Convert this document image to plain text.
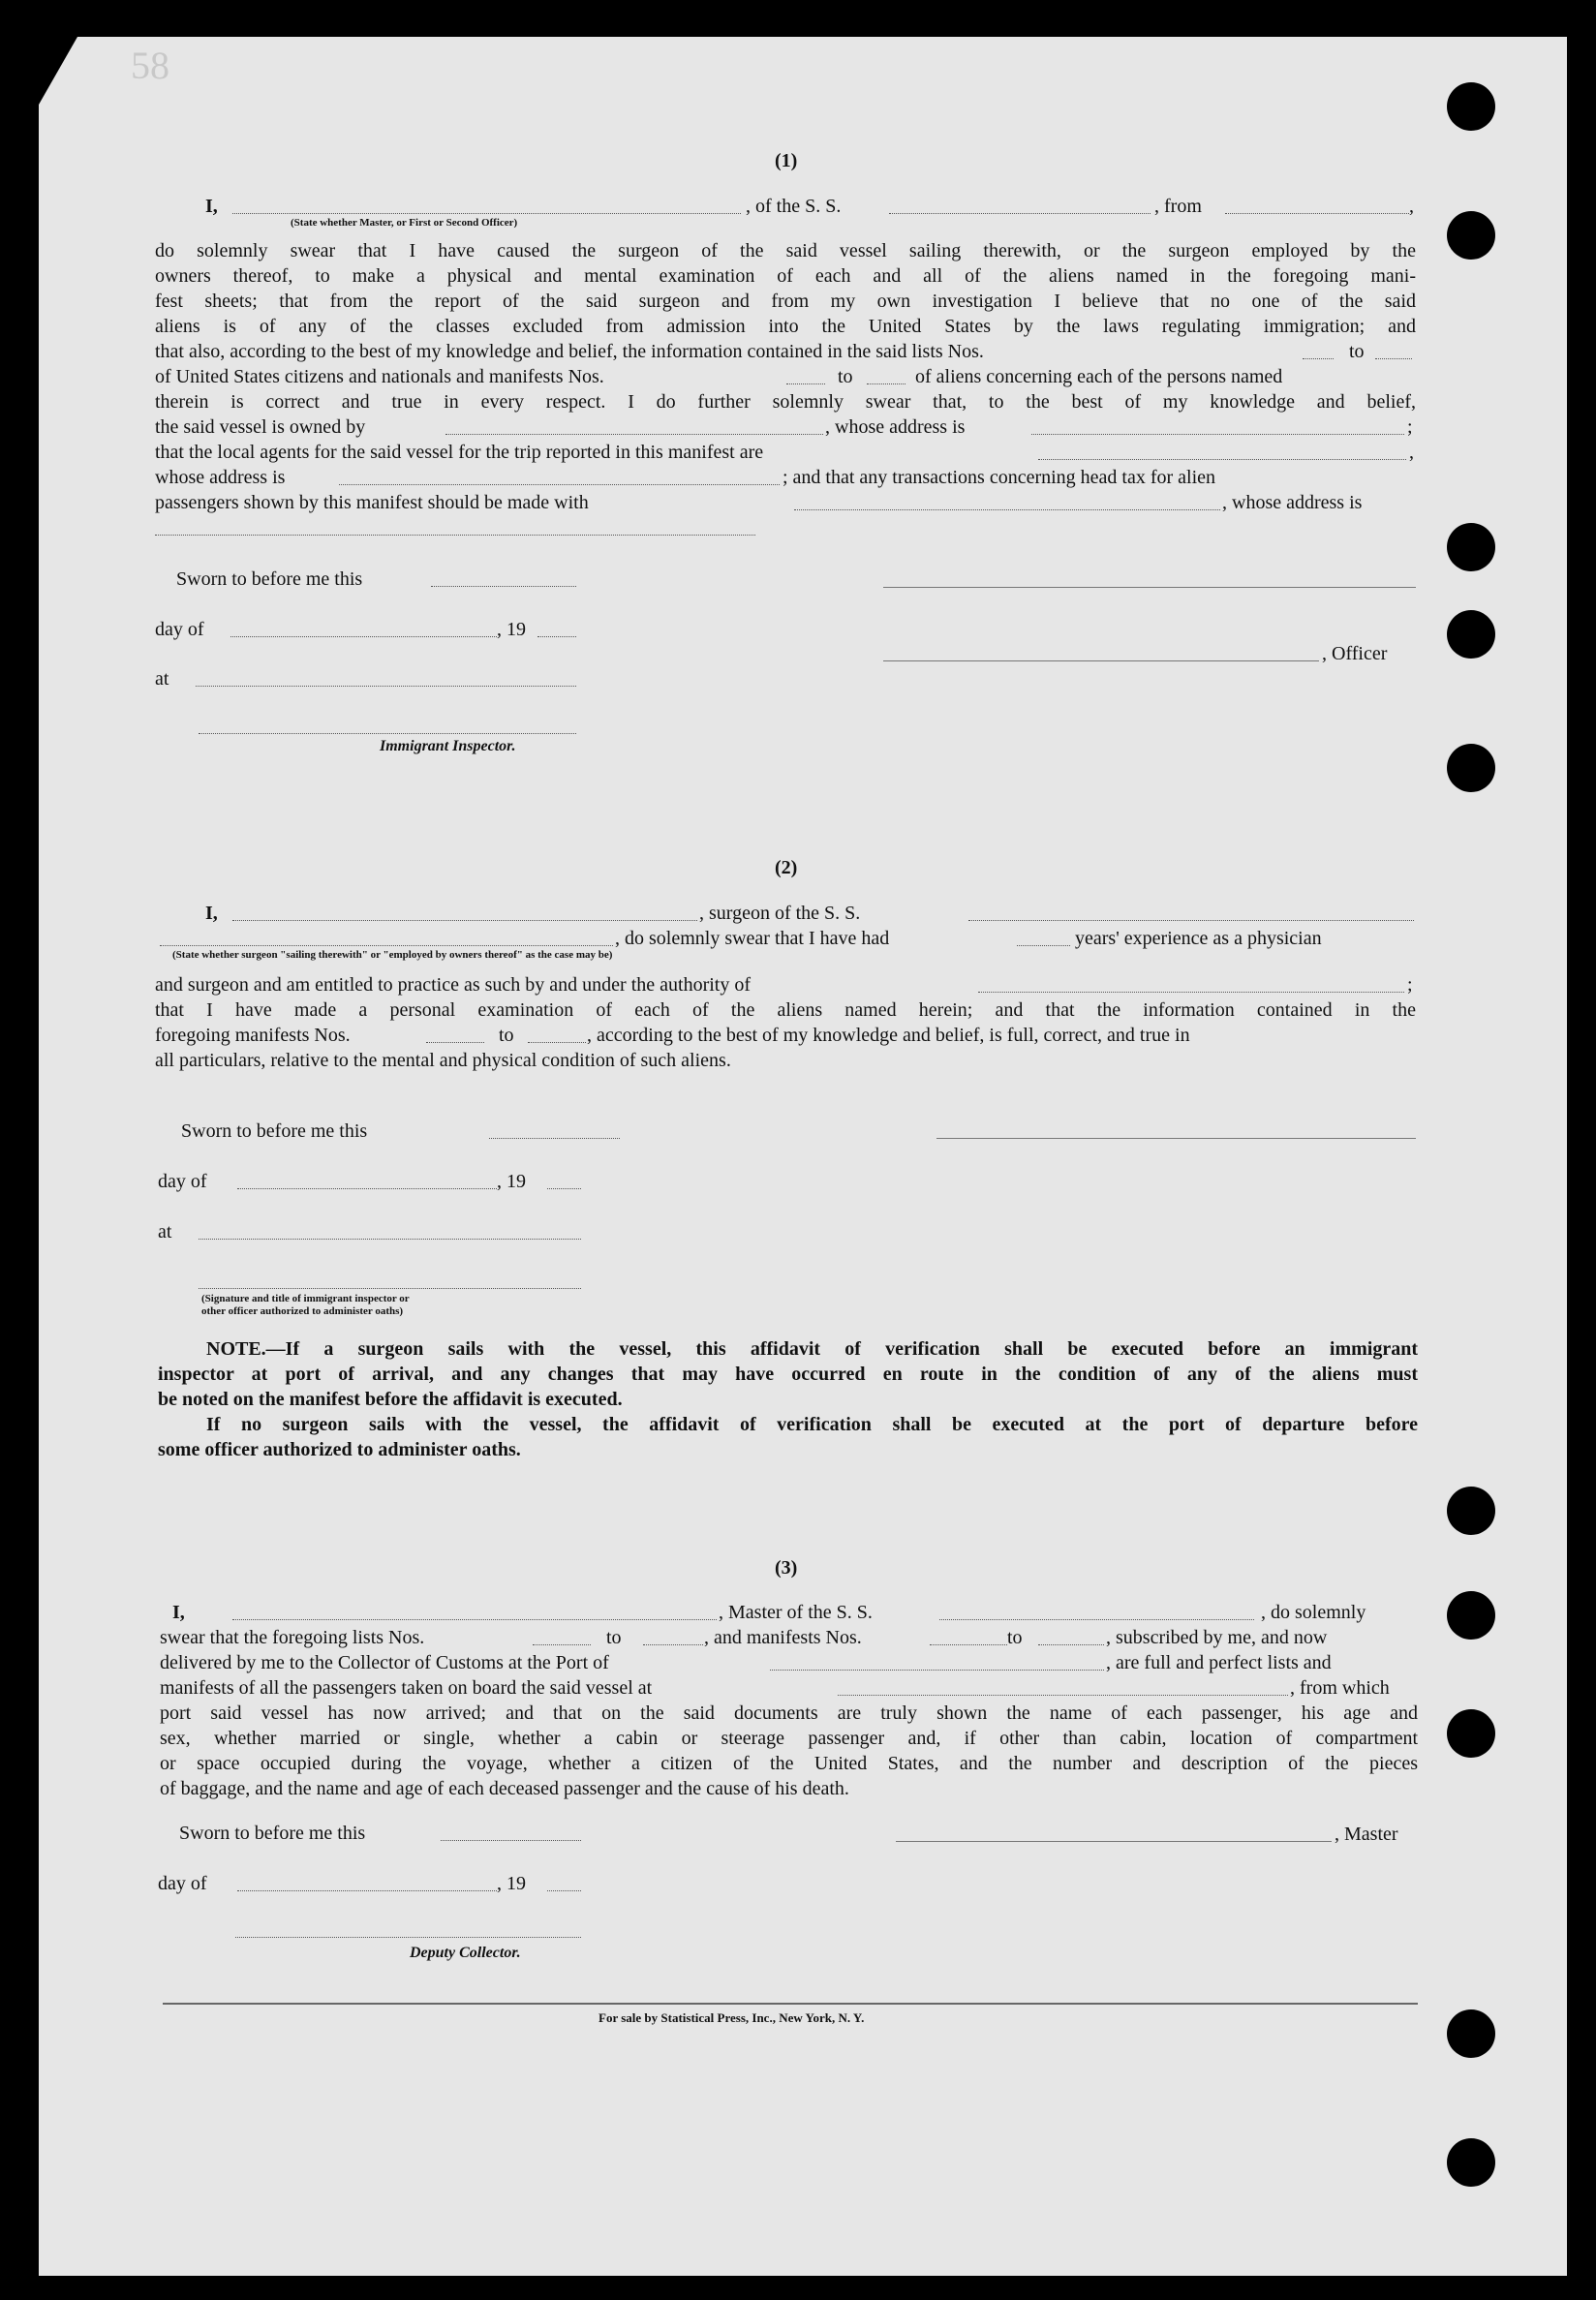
58
(1)
I,	, of the S. S.	, from	,
(State whether Master, or First or Second Officer)
do solemnly swear that I have caused the surgeon of the said vessel sailing therewith, or the surgeon employed by the
owners thereof, to make a physical and mental examination of each and all of the aliens named in the foregoing mani-
fest sheets; that from the report of the said surgeon and from my own investigation I believe that no one of the said
aliens is of any of the classes excluded from admission into the United States by the laws regulating immigration; and
that also, according to the best of my knowledge and belief, the information contained in the said lists Nos.	to
of United States citizens and nationals and manifests Nos.	to	of aliens concerning each of the persons named
therein is correct and true in every respect. I do further solemnly swear that, to the best of my knowledge and belief,
the said vessel is owned by	, whose address is	;
that the local agents for the said vessel for the trip reported in this manifest are	,
whose address is	; and that any transactions concerning head tax for alien
passengers shown by this manifest should be made with	, whose address is
Sworn to before me this
day of	, 19
, Officer
at
Immigrant Inspector.
(2)
I,	, surgeon of the S. S.
, do solemnly swear that I have had	years' experience as a physician
(State whether surgeon "sailing therewith" or "employed by owners thereof" as the case may be)
and surgeon and am entitled to practice as such by and under the authority of	;
that I have made a personal examination of each of the aliens named herein; and that the information contained in the
foregoing manifests Nos.	to	, according to the best of my knowledge and belief, is full, correct, and true in
all particulars, relative to the mental and physical condition of such aliens.
Sworn to before me this
day of	, 19
at
(Signature and title of immigrant inspector or
other officer authorized to administer oaths)
NOTE.—If a surgeon sails with the vessel, this affidavit of verification shall be executed before an immigrant
inspector at port of arrival, and any changes that may have occurred en route in the condition of any of the aliens must
be noted on the manifest before the affidavit is executed.
If no surgeon sails with the vessel, the affidavit of verification shall be executed at the port of departure before
some officer authorized to administer oaths.
(3)
I,	, Master of the S. S.	, do solemnly
swear that the foregoing lists Nos.	to	, and manifests Nos.	to	, subscribed by me, and now
delivered by me to the Collector of Customs at the Port of	, are full and perfect lists and
manifests of all the passengers taken on board the said vessel at	, from which
port said vessel has now arrived; and that on the said documents are truly shown the name of each passenger, his age and
sex, whether married or single, whether a cabin or steerage passenger and, if other than cabin, location of compartment
or space occupied during the voyage, whether a citizen of the United States, and the number and description of the pieces
of baggage, and the name and age of each deceased passenger and the cause of his death.
Sworn to before me this	, Master
day of	, 19
Deputy Collector.
For sale by Statistical Press, Inc., New York, N. Y.
